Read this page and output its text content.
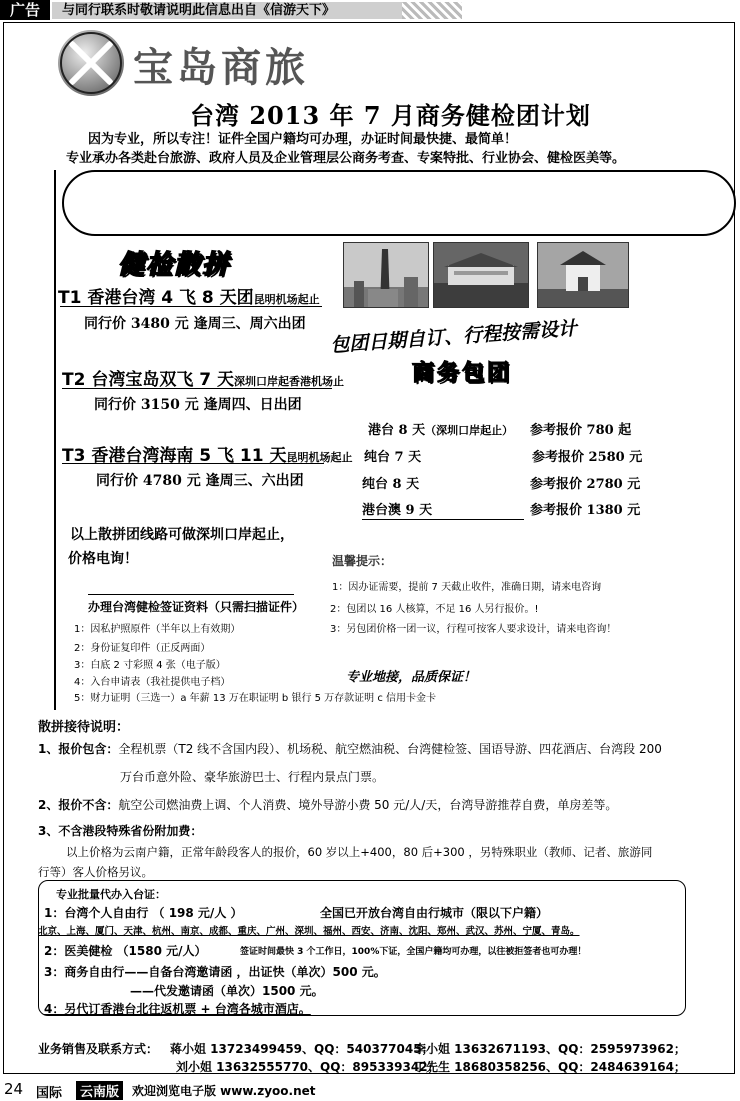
广告	与同行联系时敬请说明此信息出自《信游天下》
宝岛商旅
台湾 2013 年 7 月商务健检团计划
因为专业，所以专注！证件全国户籍均可办理，办证时间最快捷、最简单！
专业承办各类赴台旅游、政府人员及企业管理层公商务考查、专案特批、行业协会、健检医美等。
健检散拼
T1 香港台湾 4 飞 8 天团昆明机场起止
同行价 3480 元 逢周三、周六出团
T2 台湾宝岛双飞 7 天深圳口岸起香港机场止
同行价 3150 元 逢周四、日出团
T3 香港台湾海南 5 飞 11 天昆明机场起止
同行价 4780 元 逢周三、六出团
以上散拼团线路可做深圳口岸起止，
价格电询！
包团日期自订、行程按需设计
商务包团
港台 8 天（深圳口岸起止） 参考报价 780 起
纯台 7 天	参考报价 2580 元
纯台 8 天	参考报价 2780 元
港台澳 9 天	参考报价 1380 元
温馨提示：
1：因办证需要，提前 7 天截止收件，准确日期，请来电咨询
办理台湾健检签证资料（只需扫描证件）	2：包团以 16 人核算，不足 16 人另行报价。!
1：因私护照原件（半年以上有效期）	3：另包团价格一团一议，行程可按客人要求设计，请来电咨询！
2：身份证复印件（正反两面）
3：白底 2 寸彩照 4 张（电子版）
4：入台申请表（我社提供电子档）	专业地接，品质保证！
5：财力证明（三选一）a 年薪 13 万在职证明 b 银行 5 万存款证明 c 信用卡金卡
散拼接待说明：
1、报价包含：全程机票（T2 线不含国内段）、机场税、航空燃油税、台湾健检签、国语导游、四花酒店、台湾段 200
万台币意外险、豪华旅游巴士、行程内景点门票。
2、报价不含：航空公司燃油费上调、个人消费、境外导游小费 50 元/人/天，台湾导游推荐自费，单房差等。
3、不含港段特殊省份附加费：
以上价格为云南户籍，正常年龄段客人的报价，60 岁以上+400，80 后+300 ，另特殊职业（教师、记者、旅游同
行等）客人价格另议。
专业批量代办入台证：
1：台湾个人自由行 （ 198 元/人 ）	全国已开放台湾自由行城市（限以下户籍）
北京、上海、厦门、天津、杭州、南京、成都、重庆、广州、深圳、福州、西安、济南、沈阳、郑州、武汉、苏州、宁厦、青岛。
2：医美健检 （1580 元/人）	签证时间最快 3 个工作日，100%下证，全国户籍均可办理，以往被拒签者也可办理！
3：商务自由行——自备台湾邀请函 ，出证快（单次）500 元。
——代发邀请函（单次）1500 元。
4：另代订香港台北往返机票 + 台湾各城市酒店。
业务销售及联系方式： 蒋小姐 13723499459、QQ：540377045；
李小姐 13632671193、QQ：2595973962；
刘小姐 13632555770、QQ：895339342；
丁先生 18680358256、QQ：2484639164；
24 国际	云南版	欢迎浏览电子版 www.zyoo.net
